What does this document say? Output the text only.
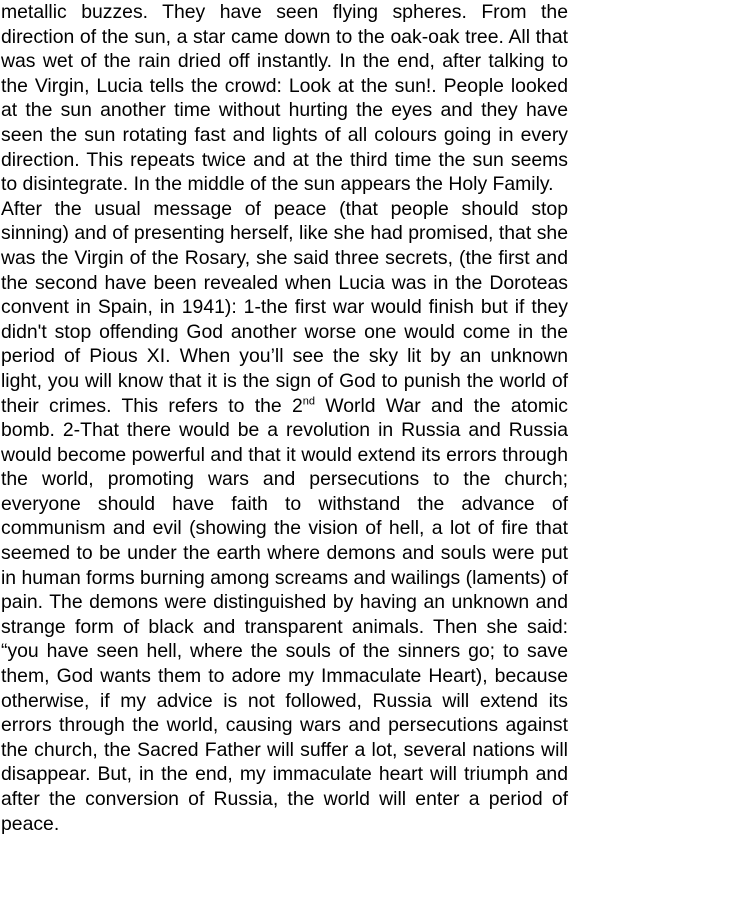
metallic buzzes. They have seen flying spheres. From the direction of the sun, a star came down to the oak-oak tree. All that was wet of the rain dried off instantly. In the end, after talking to the Virgin, Lucia tells the crowd: Look at the sun!. People looked at the sun another time without hurting the eyes and they have seen the sun rotating fast and lights of all colours going in every direction. This repeats twice and at the third time the sun seems to disintegrate. In the middle of the sun appears the Holy Family.

After the usual message of peace (that people should stop sinning) and of presenting herself, like she had promised, that she was the Virgin of the Rosary, she said three secrets, (the first and the second have been revealed when Lucia was in the Doroteas convent in Spain, in 1941): 1-the first war would finish but if they didn't stop offending God another worse one would come in the period of Pious XI. When you’ll see the sky lit by an unknown light, you will know that it is the sign of God to punish the world of their crimes. This refers to the 2nd World War and the atomic bomb. 2-That there would be a revolution in Russia and Russia would become powerful and that it would extend its errors through the world, promoting wars and persecutions to the church; everyone should have faith to withstand the advance of communism and evil (showing the vision of hell, a lot of fire that seemed to be under the earth where demons and souls were put in human forms burning among screams and wailings (laments) of pain. The demons were distinguished by having an unknown and strange form of black and transparent animals. Then she said: “you have seen hell, where the souls of the sinners go; to save them, God wants them to adore my Immaculate Heart), because otherwise, if my advice is not followed, Russia will extend its errors through the world, causing wars and persecutions against the church, the Sacred Father will suffer a lot, several nations will disappear. But, in the end, my immaculate heart will triumph and after the conversion of Russia, the world will enter a period of peace.
